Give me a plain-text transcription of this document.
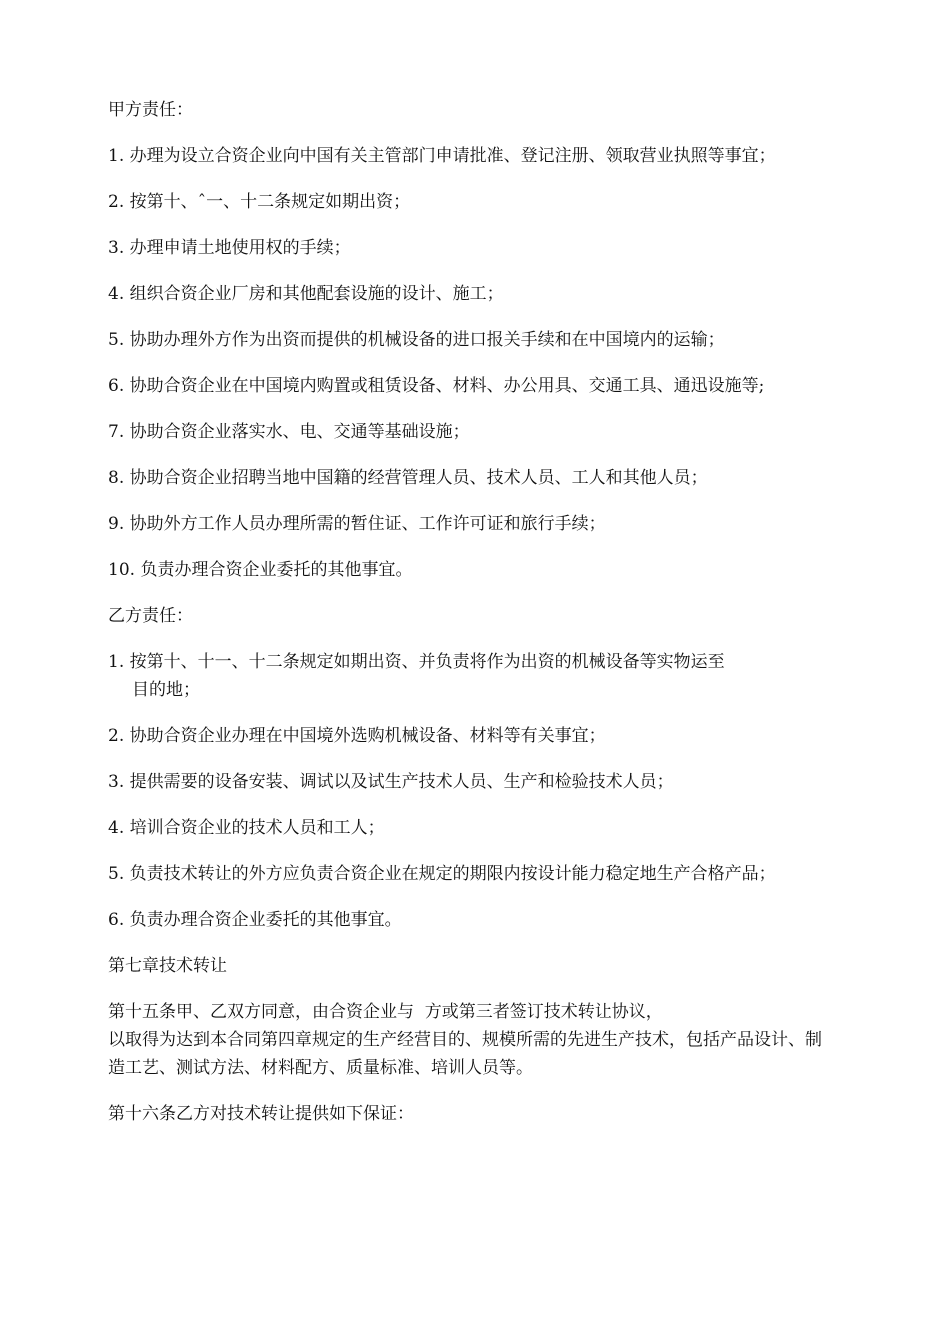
甲方责任：

1. 办理为设立合资企业向中国有关主管部门申请批准、登记注册、领取营业执照等事宜；

2. 按第十、ˆ一、十二条规定如期出资；

3. 办理申请土地使用权的手续；

4. 组织合资企业厂房和其他配套设施的设计、施工；

5. 协助办理外方作为出资而提供的机械设备的进口报关手续和在中国境内的运输；

6. 协助合资企业在中国境内购置或租赁设备、材料、办公用具、交通工具、通迅设施等;

7. 协助合资企业落实水、电、交通等基础设施；

8. 协助合资企业招聘当地中国籍的经营管理人员、技术人员、工人和其他人员；

9. 协助外方工作人员办理所需的暂住证、工作许可证和旅行手续；

10. 负责办理合资企业委托的其他事宜。

乙方责任：

1. 按第十、十一、十二条规定如期出资、并负责将作为出资的机械设备等实物运至
目的地；

2. 协助合资企业办理在中国境外选购机械设备、材料等有关事宜；

3. 提供需要的设备安装、调试以及试生产技术人员、生产和检验技术人员；

4. 培训合资企业的技术人员和工人；

5. 负责技术转让的外方应负责合资企业在规定的期限内按设计能力稳定地生产合格产品；

6. 负责办理合资企业委托的其他事宜。

第七章技术转让

第十五条甲、乙双方同意，由合资企业与  方或第三者签订技术转让协议，
以取得为达到本合同第四章规定的生产经营目的、规模所需的先进生产技术，包括产品设计、制造工艺、测试方法、材料配方、质量标准、培训人员等。

第十六条乙方对技术转让提供如下保证：
